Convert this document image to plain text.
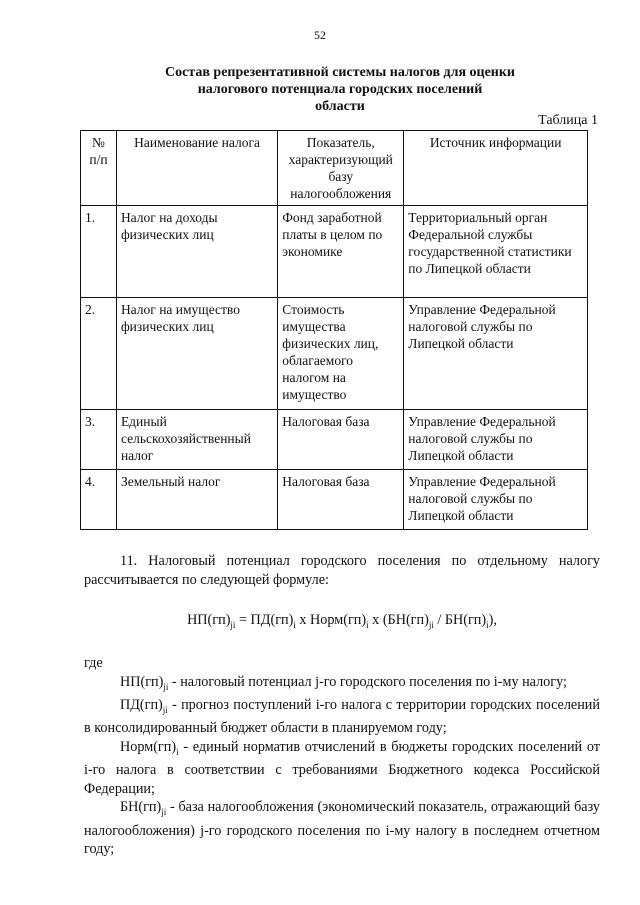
52
Состав репрезентативной системы налогов для оценки
налогового потенциала городских поселений
области
Таблица 1
№ п/п	Наименование налога	Показатель, характеризующий базу налогообложения	Источник информации
1.	Налог на доходы физических лиц	Фонд заработной платы в целом по экономике	Территориальный орган Федеральной службы государственной статистики по Липецкой области
2.	Налог на имущество физических лиц	Стоимость имущества физических лиц, облагаемого налогом на имущество	Управление Федеральной налоговой службы по Липецкой области
3.	Единый сельскохозяйственный налог	Налоговая база	Управление Федеральной налоговой службы по Липецкой области
4.	Земельный налог	Налоговая база	Управление Федеральной налоговой службы по Липецкой области

11. Налоговый потенциал городского поселения по отдельному налогу рассчитывается по следующей формуле:

$НП(гп)_{ji} = ПД(гп)_i$ x $Норм(гп)_i$ x $(БН(гп)_{ji} / БН(гп)_i)$,

где

$НП(гп)_{ji}$ - налоговый потенциал j-го городского поселения по i-му налогу;

$ПД(гп)_{ji}$ - прогноз поступлений i-го налога с территории городских поселений в консолидированный бюджет области в планируемом году;

$Норм(гп)_i$ - единый норматив отчислений в бюджеты городских поселений от i-го налога в соответствии с требованиями Бюджетного кодекса Российской Федерации;

$БН(гп)_{ji}$ - база налогообложения (экономический показатель, отражающий базу налогообложения) j-го городского поселения по i-му налогу в последнем отчетном году;
